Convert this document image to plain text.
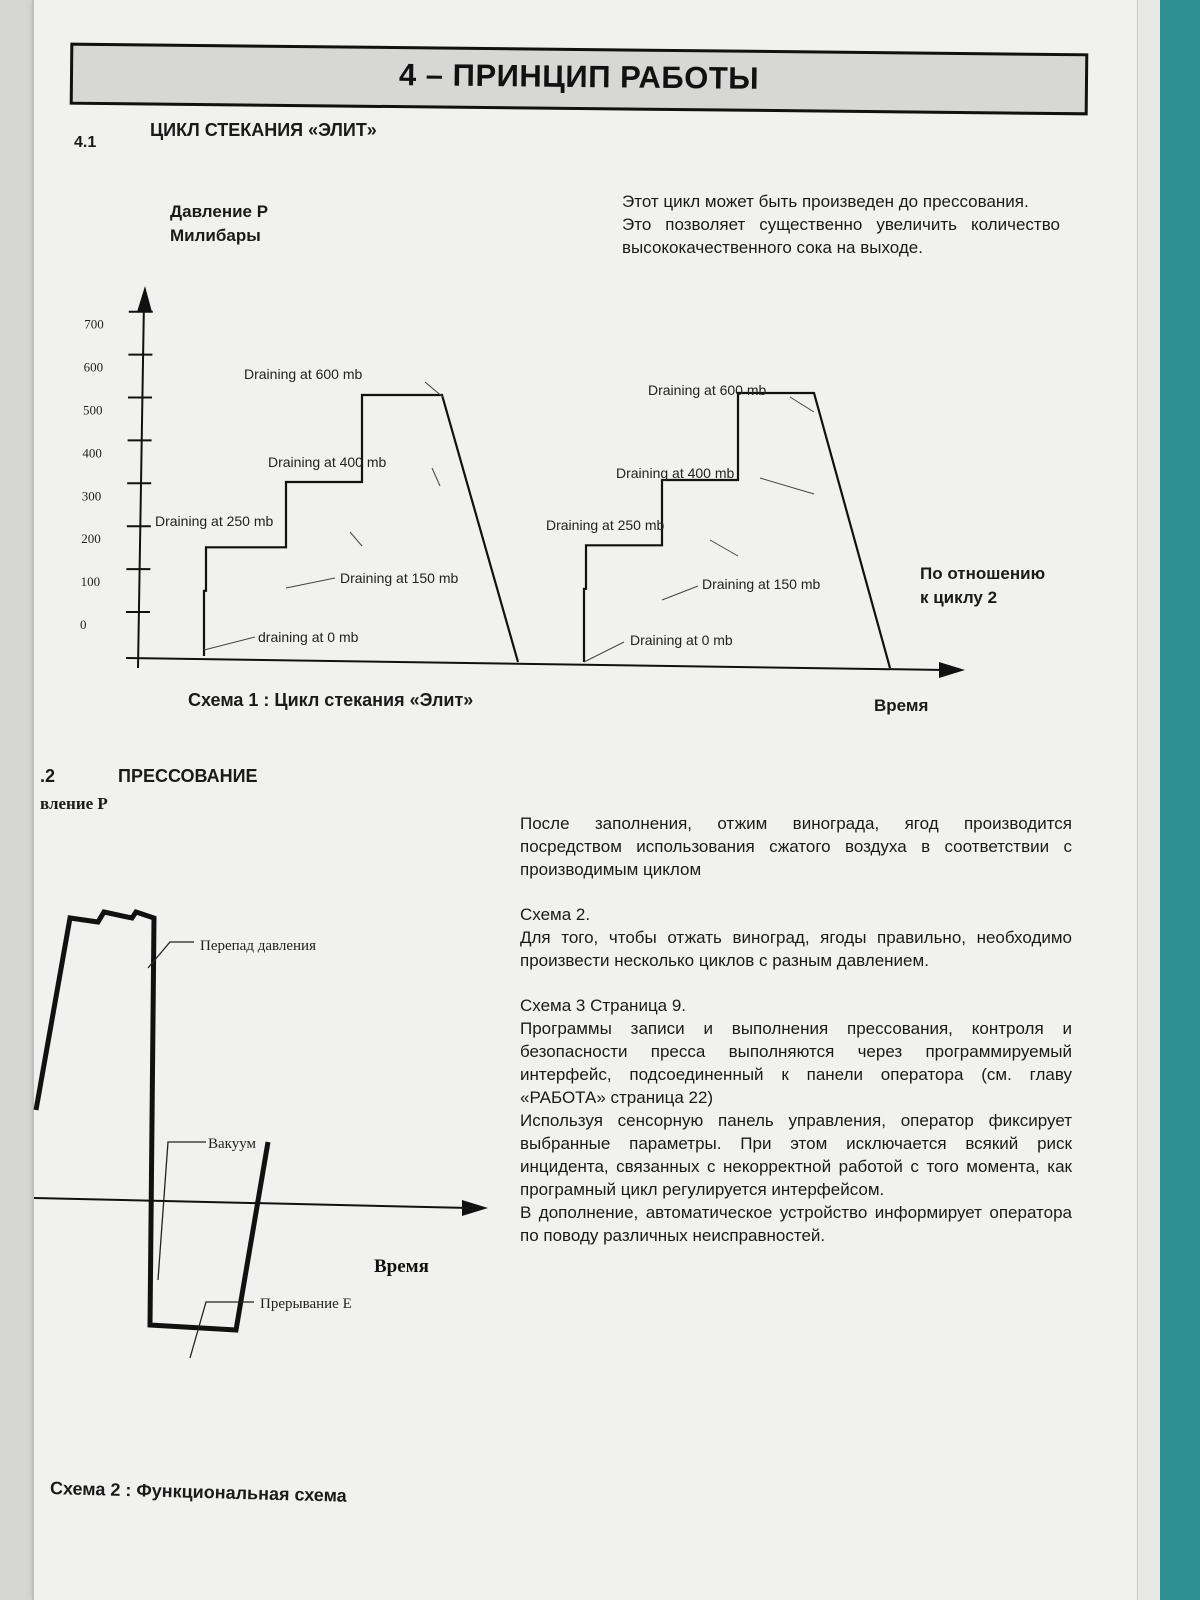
4 – ПРИНЦИП РАБОТЫ
4.1
ЦИКЛ СТЕКАНИЯ «ЭЛИТ»
Давление P
Милибары

Этот цикл может быть произведен до прессования.

Это позволяет существенно увеличить количество высококачественного сока на выходе.

0
100
200
300
400
500
600
700
draining at 0 mb
Draining at 150 mb
Draining at 250 mb
Draining at 400 mb
Draining at 600 mb
Draining at 0 mb
Draining at 150 mb
Draining at 250 mb
Draining at 400 mb
Draining at 600 mb
По отношению
к циклу 2
Время
Схема 1 : Цикл стекания «Элит»
.2	ПРЕССОВАНИЕ
вление P
Перепад давления
Вакуум
Прерывание E
Время

После заполнения, отжим винограда, ягод производится посредством использования сжатого воздуха в соответствии с производимым циклом

Схема 2.

Для того, чтобы отжать виноград, ягоды правильно, необходимо произвести несколько циклов с разным давлением.

Схема 3 Страница 9.

Программы записи и выполнения прессования, контроля и безопасности пресса выполняются через программируемый интерфейс, подсоединенный к панели оператора (см. главу «РАБОТА» страница 22)

Используя сенсорную панель управления, оператор фиксирует выбранные параметры. При этом исключается всякий риск инцидента, связанных с некорректной работой с того момента, как програмный цикл регулируется интерфейсом.

В дополнение, автоматическое устройство информирует оператора по поводу различных неисправностей.

Схема 2 : Функциональная схема
